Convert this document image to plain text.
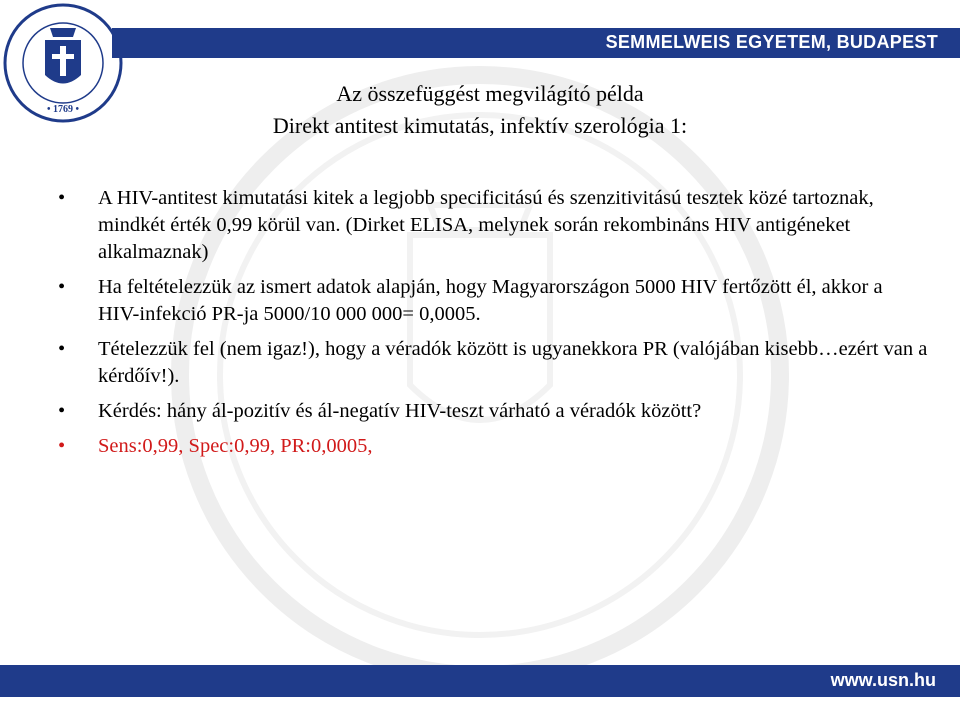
• 1769 •
SEMMELWEIS EGYETEM, BUDAPEST
Az összefüggést megvilágító példa
Direkt antitest kimutatás, infektív szerológia 1:
• A HIV-antitest kimutatási kitek a legjobb specificitású és szenzitivitású tesztek közé tartoznak, mindkét érték 0,99 körül van. (Dirket ELISA, melynek során rekombináns HIV antigéneket alkalmaznak)
• Ha feltételezzük az ismert adatok alapján, hogy Magyarországon 5000 HIV fertőzött él, akkor a HIV-infekció PR-ja 5000/10 000 000= 0,0005.
• Tételezzük fel (nem igaz!), hogy a véradók között is ugyanekkora PR (valójában kisebb…ezért van a kérdőív!).
• Kérdés: hány ál-pozitív és ál-negatív HIV-teszt várható a véradók között?
• Sens:0,99, Spec:0,99, PR:0,0005,
www.usn.hu
